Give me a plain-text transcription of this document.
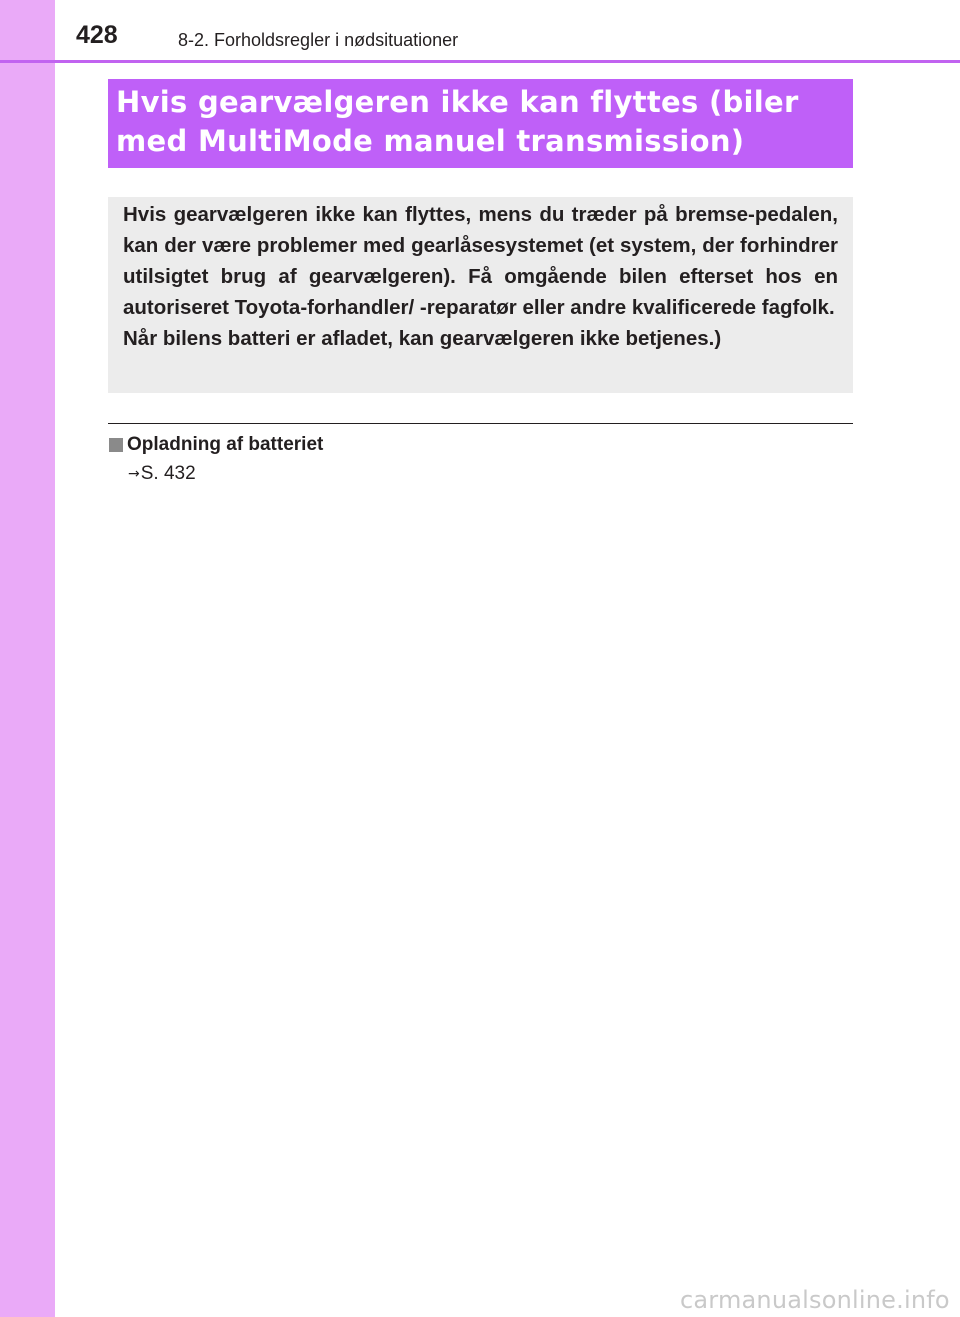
428	8-2. Forholdsregler i nødsituationer

Hvis gearvælgeren ikke kan flyttes (biler
med MultiMode manuel transmission)

Hvis gearvælgeren ikke kan flyttes, mens du træder på bremse-pedalen, kan der være problemer med gearlåsesystemet (et system, der forhindrer utilsigtet brug af gearvælgeren). Få omgående bilen efterset hos en autoriseret Toyota-forhandler/ -reparatør eller andre kvalificerede fagfolk.

Når bilens batteri er afladet, kan gearvælgeren ikke betjenes.)

Opladning af batteriet
→ S. 432
carmanualsonline.info
